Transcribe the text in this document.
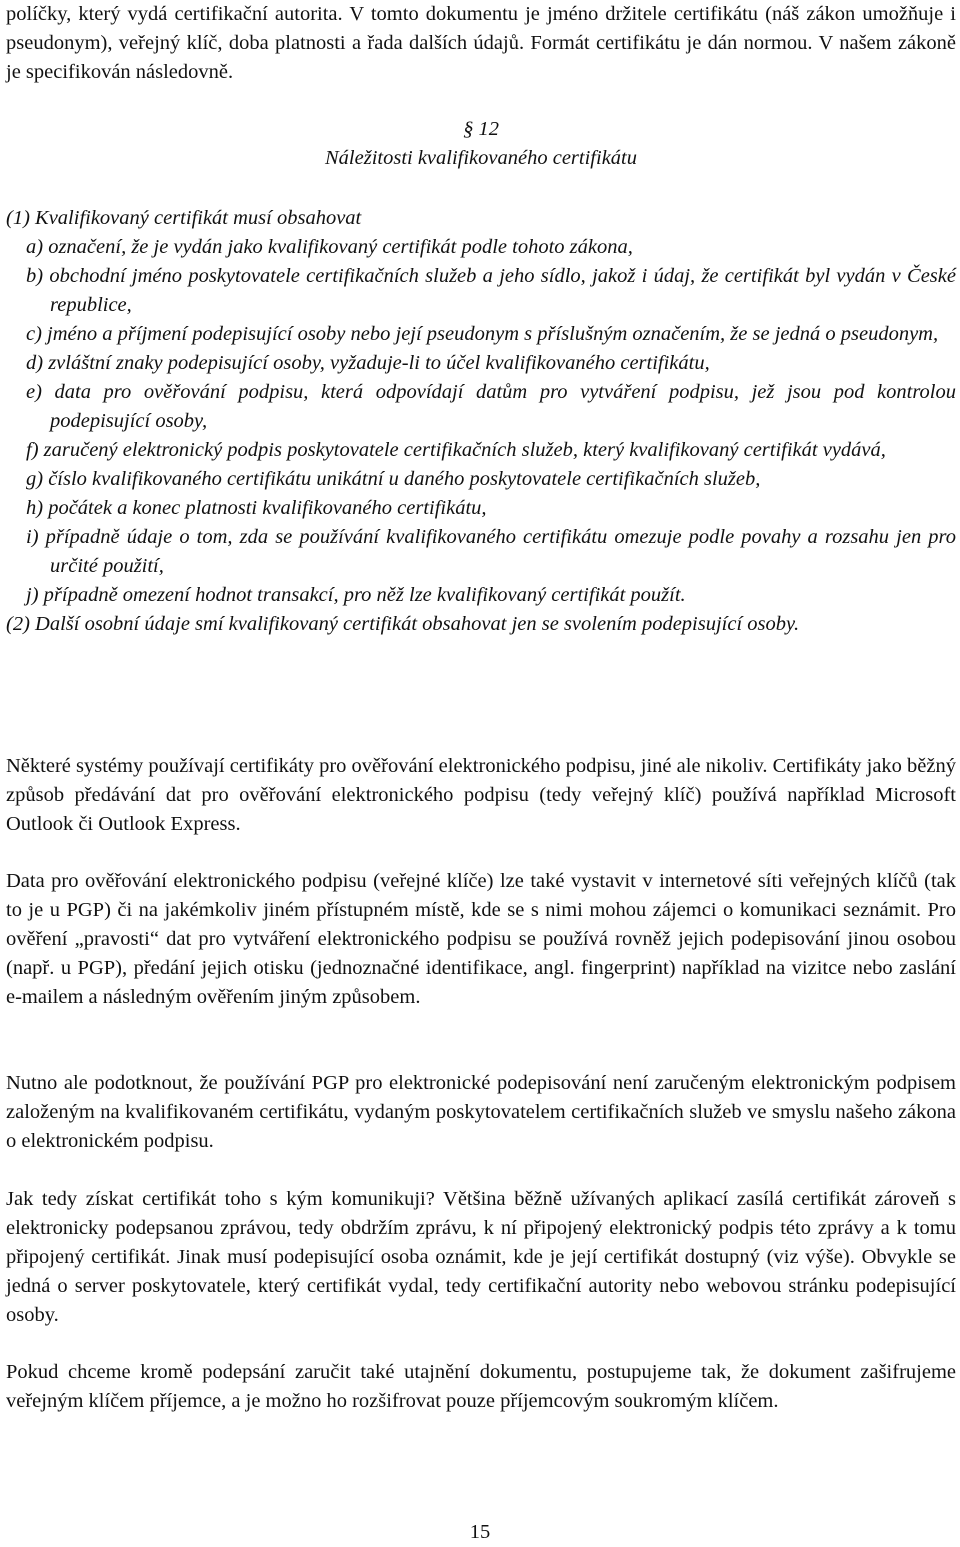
políčky, který vydá certifikační autorita. V tomto dokumentu je jméno držitele certifikátu (náš zákon umožňuje i pseudonym), veřejný klíč, doba platnosti a řada dalších údajů. Formát certifikátu je dán normou. V našem zákoně je specifikován následovně.

§ 12
Náležitosti kvalifikovaného certifikátu
(1) Kvalifikovaný certifikát musí obsahovat
a) označení, že je vydán jako kvalifikovaný certifikát podle tohoto zákona,
b) obchodní jméno poskytovatele certifikačních služeb a jeho sídlo, jakož i údaj, že certifikát byl vydán v České republice,
c) jméno a příjmení podepisující osoby nebo její pseudonym s příslušným označením, že se jedná o pseudonym,
d) zvláštní znaky podepisující osoby, vyžaduje-li to účel kvalifikovaného certifikátu,
e) data pro ověřování podpisu, která odpovídají datům pro vytváření podpisu, jež jsou pod kontrolou podepisující osoby,
f) zaručený elektronický podpis poskytovatele certifikačních služeb, který kvalifikovaný certifikát vydává,
g) číslo kvalifikovaného certifikátu unikátní u daného poskytovatele certifikačních služeb,
h) počátek a konec platnosti kvalifikovaného certifikátu,
i) případně údaje o tom, zda se používání kvalifikovaného certifikátu omezuje podle povahy a rozsahu jen pro určité použití,
j) případně omezení hodnot transakcí, pro něž lze kvalifikovaný certifikát použít.
(2) Další osobní údaje smí kvalifikovaný certifikát obsahovat jen se svolením podepisující osoby.

Některé systémy používají certifikáty pro ověřování elektronického podpisu, jiné ale nikoliv. Certifikáty jako běžný způsob předávání dat pro ověřování elektronického podpisu (tedy veřejný klíč) používá například Microsoft Outlook či Outlook Express.

Data pro ověřování elektronického podpisu (veřejné klíče) lze také vystavit v internetové síti veřejných klíčů (tak to je u PGP) či na jakémkoliv jiném přístupném místě, kde se s nimi mohou zájemci o komunikaci seznámit. Pro ověření „pravosti“ dat pro vytváření elektronického podpisu se používá rovněž jejich podepisování jinou osobou (např. u PGP), předání jejich otisku (jednoznačné identifikace, angl. fingerprint) například na vizitce nebo zaslání e-mailem a následným ověřením jiným způsobem.

Nutno ale podotknout, že používání PGP pro elektronické podepisování není zaručeným elektronickým podpisem založeným na kvalifikovaném certifikátu, vydaným poskytovatelem certifikačních služeb ve smyslu našeho zákona o elektronickém podpisu.

Jak tedy získat certifikát toho s kým komunikuji? Většina běžně užívaných aplikací zasílá certifikát zároveň s elektronicky podepsanou zprávou, tedy obdržím zprávu, k ní připojený elektronický podpis této zprávy a k tomu připojený certifikát. Jinak musí podepisující osoba oznámit, kde je její certifikát dostupný (viz výše). Obvykle se jedná o server poskytovatele, který certifikát vydal, tedy certifikační autority nebo webovou stránku podepisující osoby.

Pokud chceme kromě podepsání zaručit také utajnění dokumentu, postupujeme tak, že dokument zašifrujeme veřejným klíčem příjemce, a je možno ho rozšifrovat pouze příjemcovým soukromým klíčem.

15
